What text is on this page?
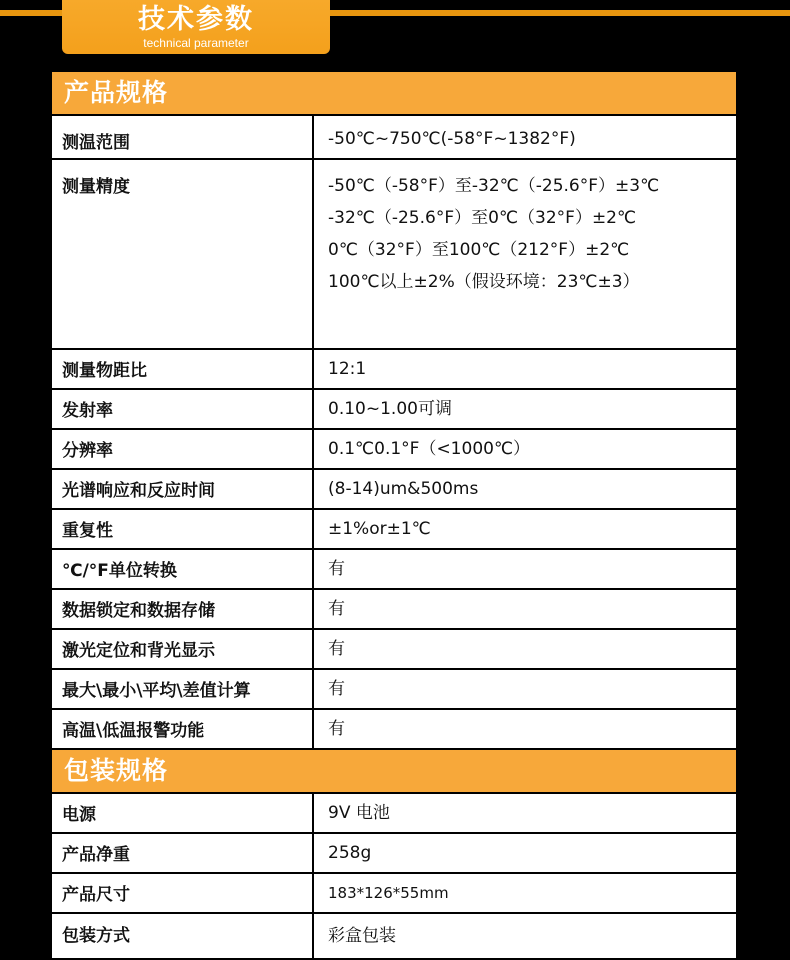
技术参数
technical parameter
产品规格
测温范围	-50℃~750℃(-58°F~1382°F)
测量精度	-50℃（-58°F）至-32℃（-25.6°F）±3℃
-32℃（-25.6°F）至0℃（32°F）±2℃
0℃（32°F）至100℃（212°F）±2℃
100℃以上±2%（假设环境：23℃±3）
测量物距比	12:1
发射率	0.10~1.00可调
分辨率	0.1℃0.1°F（<1000℃）
光谱响应和反应时间	(8-14)um&500ms
重复性	±1%or±1℃
℃/°F单位转换	有
数据锁定和数据存储	有
激光定位和背光显示	有
最大\最小\平均\差值计算	有
高温\低温报警功能	有
包装规格
电源	9V 电池
产品净重	258g
产品尺寸	183*126*55mm
包装方式	彩盒包装
